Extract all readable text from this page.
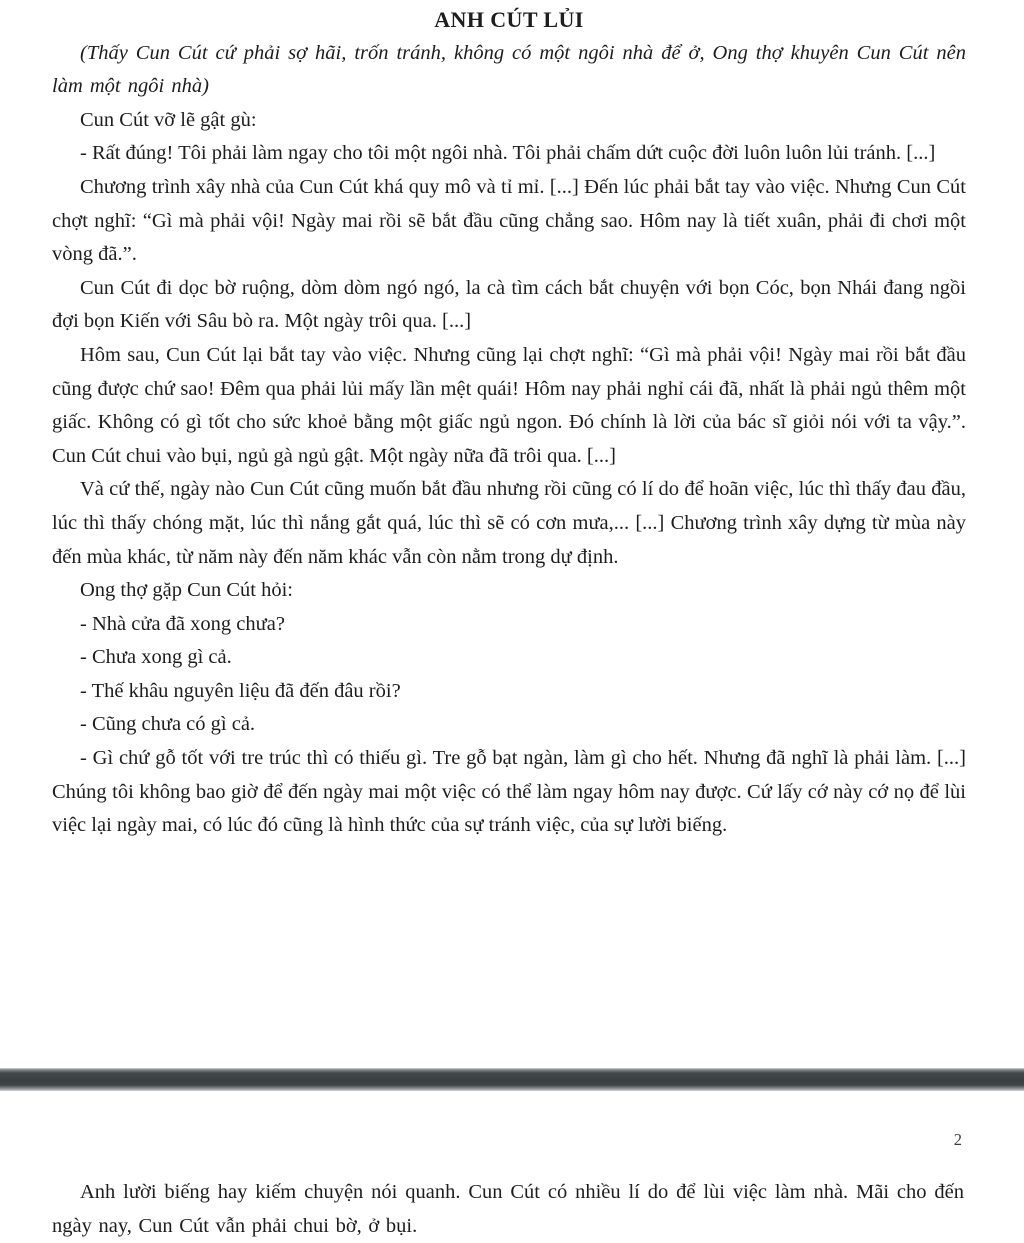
ANH CÚT LỦI

(Thấy Cun Cút cứ phải sợ hãi, trốn tránh, không có một ngôi nhà để ở, Ong thợ khuyên Cun Cút nên làm một ngôi nhà)

Cun Cút vỡ lẽ gật gù:

- Rất đúng! Tôi phải làm ngay cho tôi một ngôi nhà. Tôi phải chấm dứt cuộc đời luôn luôn lủi tránh. [...]

Chương trình xây nhà của Cun Cút khá quy mô và tỉ mỉ. [...] Đến lúc phải bắt tay vào việc. Nhưng Cun Cút chợt nghĩ: “Gì mà phải vội! Ngày mai rồi sẽ bắt đầu cũng chẳng sao. Hôm nay là tiết xuân, phải đi chơi một vòng đã.”.

Cun Cút đi dọc bờ ruộng, dòm dòm ngó ngó, la cà tìm cách bắt chuyện với bọn Cóc, bọn Nhái đang ngồi đợi bọn Kiến với Sâu bò ra. Một ngày trôi qua. [...]

Hôm sau, Cun Cút lại bắt tay vào việc. Nhưng cũng lại chợt nghĩ: “Gì mà phải vội! Ngày mai rồi bắt đầu cũng được chứ sao! Đêm qua phải lủi mấy lần mệt quái! Hôm nay phải nghỉ cái đã, nhất là phải ngủ thêm một giấc. Không có gì tốt cho sức khoẻ bằng một giấc ngủ ngon. Đó chính là lời của bác sĩ giỏi nói với ta vậy.”. Cun Cút chui vào bụi, ngủ gà ngủ gật. Một ngày nữa đã trôi qua. [...]

Và cứ thế, ngày nào Cun Cút cũng muốn bắt đầu nhưng rồi cũng có lí do để hoãn việc, lúc thì thấy đau đầu, lúc thì thấy chóng mặt, lúc thì nắng gắt quá, lúc thì sẽ có cơn mưa,... [...] Chương trình xây dựng từ mùa này đến mùa khác, từ năm này đến năm khác vẫn còn nằm trong dự định.

Ong thợ gặp Cun Cút hỏi:

- Nhà cửa đã xong chưa?

- Chưa xong gì cả.

- Thế khâu nguyên liệu đã đến đâu rồi?

- Cũng chưa có gì cả.

- Gì chứ gỗ tốt với tre trúc thì có thiếu gì. Tre gỗ bạt ngàn, làm gì cho hết. Nhưng đã nghĩ là phải làm. [...] Chúng tôi không bao giờ để đến ngày mai một việc có thể làm ngay hôm nay được. Cứ lấy cớ này cớ nọ để lùi việc lại ngày mai, có lúc đó cũng là hình thức của sự tránh việc, của sự lười biếng.

2

Anh lười biếng hay kiếm chuyện nói quanh. Cun Cút có nhiều lí do để lùi việc làm nhà. Mãi cho đến ngày nay, Cun Cút vẫn phải chui bờ, ở bụi.
